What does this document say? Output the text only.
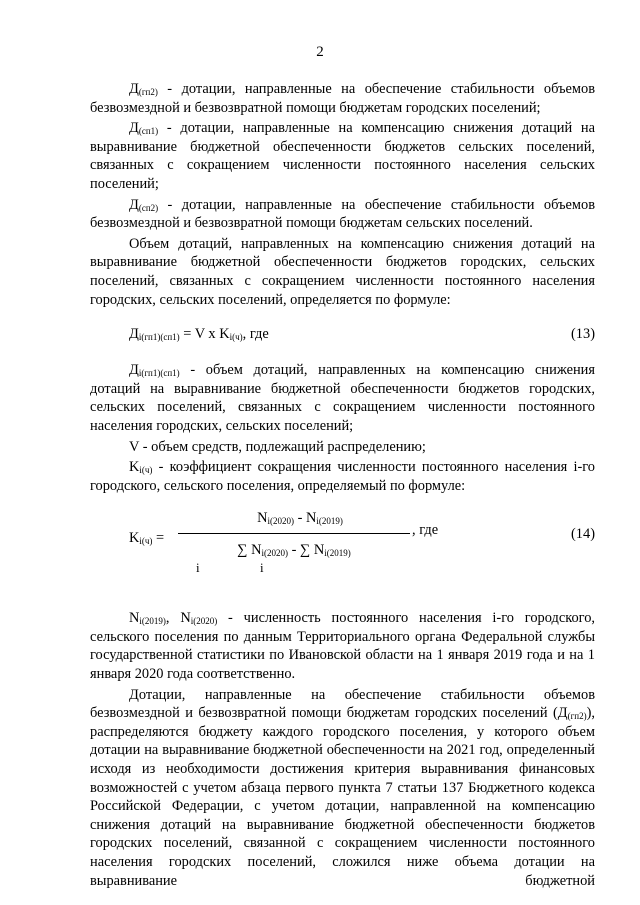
2

$Д_{(гп2)}$ - дотации, направленные на обеспечение стабильности объемов безвозмездной и безвозвратной помощи бюджетам городских поселений;

$Д_{(сп1)}$ - дотации, направленные на компенсацию снижения дотаций на выравнивание бюджетной обеспеченности бюджетов сельских поселений, связанных с сокращением численности постоянного населения сельских поселений;

$Д_{(сп2)}$ - дотации, направленные на обеспечение стабильности объемов безвозмездной и безвозвратной помощи бюджетам сельских поселений.

Объем дотаций, направленных на компенсацию снижения дотаций на выравнивание бюджетной обеспеченности бюджетов городских, сельских поселений, связанных с сокращением численности постоянного населения городских, сельских поселений, определяется по формуле:

$Д_{i(гп1)(сп1)} = V$ x $K_{i(ч)}$, где	(13)

$Д_{i(гп1)(сп1)}$ - объем дотаций, направленных на компенсацию снижения дотаций на выравнивание бюджетной обеспеченности бюджетов городских, сельских поселений, связанных с сокращением численности постоянного населения городских, сельских поселений;

V - объем средств, подлежащий распределению;

$K_{i(ч)}$ - коэффициент сокращения численности постоянного населения i-го городского, сельского поселения, определяемый по формуле:

$K_{i(ч)}$ =
$N_{i(2020)} - N_{i(2019)}$
∑ $N_{i(2020)}$ - ∑ $N_{i(2019)}$
i	i
, где	(14)

$N_{i(2019)}$, $N_{i(2020)}$ - численность постоянного населения i-го городского, сельского поселения по данным Территориального органа Федеральной службы государственной статистики по Ивановской области на 1 января 2019 года и на 1 января 2020 года соответственно.

Дотации, направленные на обеспечение стабильности объемов безвозмездной и безвозвратной помощи бюджетам городских поселений $(Д_{(гп2)})$, распределяются бюджету каждого городского поселения, у которого объем дотации на выравнивание бюджетной обеспеченности на 2021 год, определенный исходя из необходимости достижения критерия выравнивания финансовых возможностей с учетом абзаца первого пункта 7 статьи 137 Бюджетного кодекса Российской Федерации, с учетом дотации, направленной на компенсацию снижения дотаций на выравнивание бюджетной обеспеченности бюджетов городских поселений, связанной с сокращением численности постоянного населения городских поселений, сложился ниже объема дотации на выравнивание бюджетной
